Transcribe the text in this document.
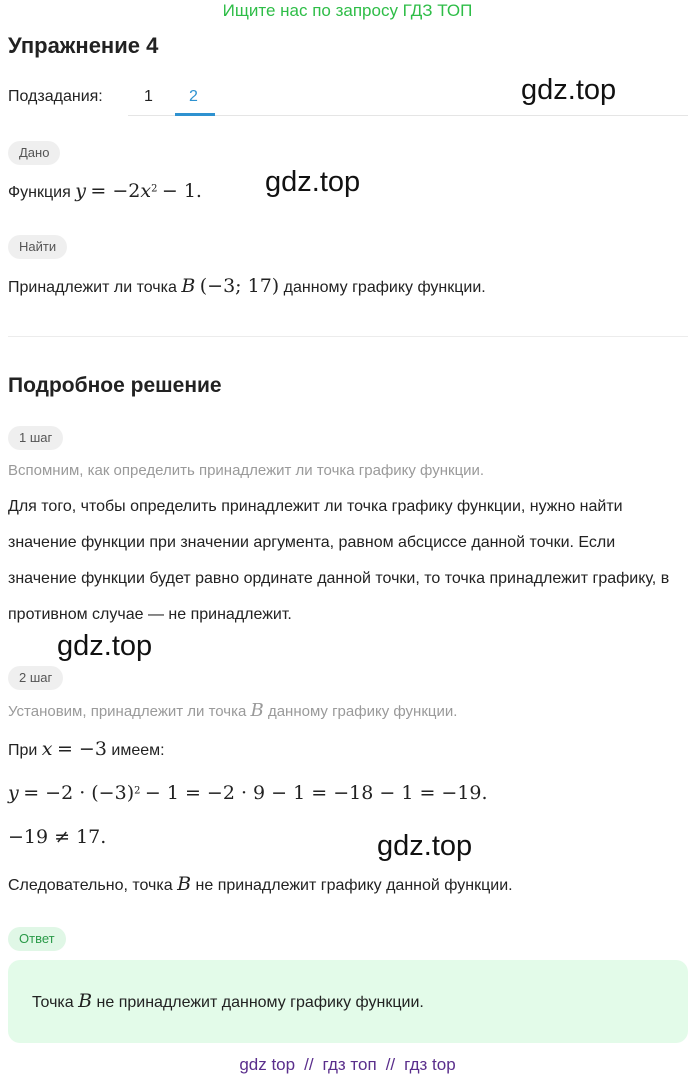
Ищите нас по запросу ГДЗ ТОП
Упражнение 4
Подзадания:	1 2	gdz.top
gdz.top
gdz.top
gdz.top
Дано
Функция $y = -2x^2 - 1$.
Найти
Принадлежит ли точка B (−3; 17) данному графику функции.
Подробное решение
1 шаг
Вспомним, как определить принадлежит ли точка графику функции.
Для того, чтобы определить принадлежит ли точка графику функции, нужно найти значение функции при значении аргумента, равном абсциссе данной точки. Если значение функции будет равно ординате данной точки, то точка принадлежит графику, в противном случае — не принадлежит.
2 шаг
Установим, принадлежит ли точка B данному графику функции.
При x = −3 имеем:
$y = -2 \cdot (-3)^2 - 1 = -2 \cdot 9 - 1 = -18 - 1 = -19$.
−19 ≠ 17.
Следовательно, точка B не принадлежит графику данной функции.
Ответ
Точка B не принадлежит данному графику функции.
gdz top // гдз топ // гдз top
